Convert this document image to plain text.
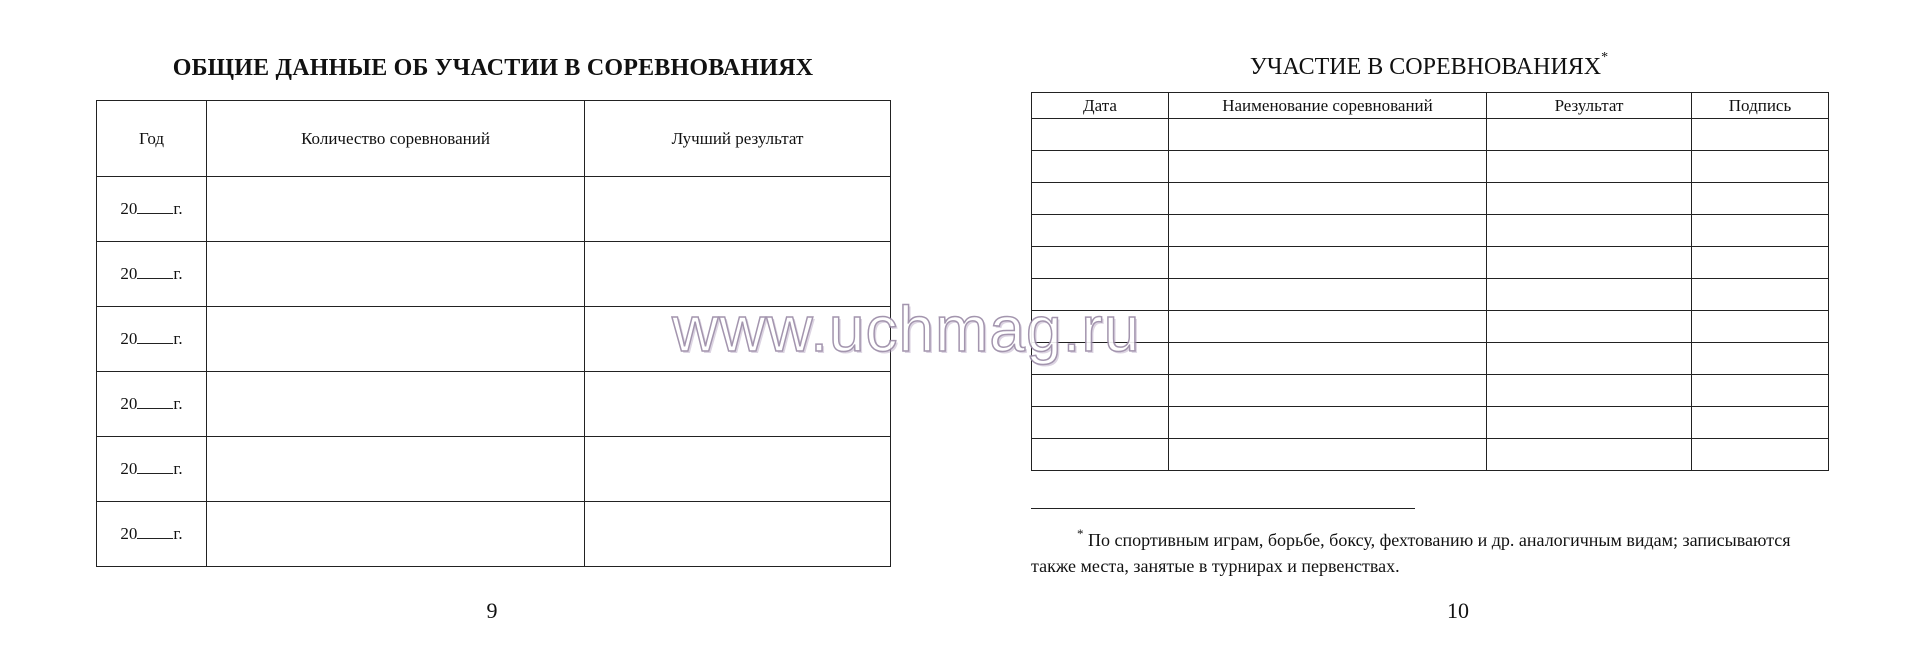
ОБЩИЕ ДАННЫЕ ОБ УЧАСТИИ В СОРЕВНОВАНИЯХ
Год	Количество соревнований	Лучший результат
20 г.		
20 г.		
20 г.		
20 г.		
20 г.		
20 г.		
9
УЧАСТИЕ В СОРЕВНОВАНИЯХ*
Дата	Наименование соревнований	Результат	Подпись

* По спортивным играм, борьбе, боксу, фехтованию и др. аналогичным видам; записываются также места, занятые в турнирах и первенствах.
10
www.uchmag.ru
